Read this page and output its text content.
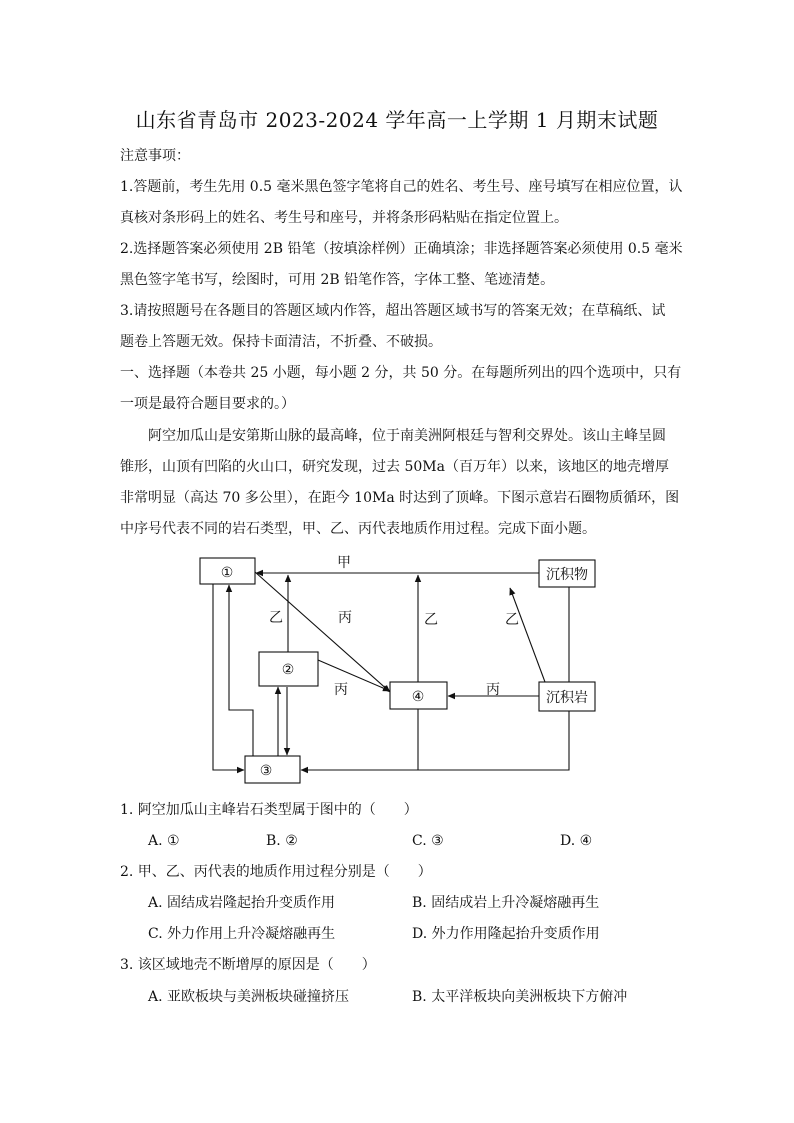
山东省青岛市 2023-2024 学年高一上学期 1 月期末试题
注意事项：
1.答题前，考生先用 0.5 毫米黑色签字笔将自己的姓名、考生号、座号填写在相应位置，认
真核对条形码上的姓名、考生号和座号，并将条形码粘贴在指定位置上。
2.选择题答案必须使用 2B 铅笔（按填涂样例）正确填涂；非选择题答案必须使用 0.5 毫米
黑色签字笔书写，绘图时，可用 2B 铅笔作答，字体工整、笔迹清楚。
3.请按照题号在各题目的答题区域内作答，超出答题区域书写的答案无效；在草稿纸、试
题卷上答题无效。保持卡面清洁，不折叠、不破损。
一、选择题（本卷共 25 小题，每小题 2 分，共 50 分。在每题所列出的四个选项中，只有
一项是最符合题目要求的。）
阿空加瓜山是安第斯山脉的最高峰，位于南美洲阿根廷与智利交界处。该山主峰呈圆
锥形，山顶有凹陷的火山口，研究发现，过去 50Ma（百万年）以来，该地区的地壳增厚
非常明显（高达 70 多公里），在距今 10Ma 时达到了顶峰。下图示意岩石圈物质循环，图
中序号代表不同的岩石类型，甲、乙、丙代表地质作用过程。完成下面小题。
①
②
③
④
沉积物
沉积岩
甲
乙	乙	乙
丙
丙	丙
1. 阿空加瓜山主峰岩石类型属于图中的（　　）
A. ①	B. ②	C. ③	D. ④
2. 甲、乙、丙代表的地质作用过程分别是（　　）
A. 固结成岩隆起抬升变质作用	B. 固结成岩上升冷凝熔融再生
C. 外力作用上升冷凝熔融再生	D. 外力作用隆起抬升变质作用
3. 该区域地壳不断增厚的原因是（　　）
A. 亚欧板块与美洲板块碰撞挤压	B. 太平洋板块向美洲板块下方俯冲
